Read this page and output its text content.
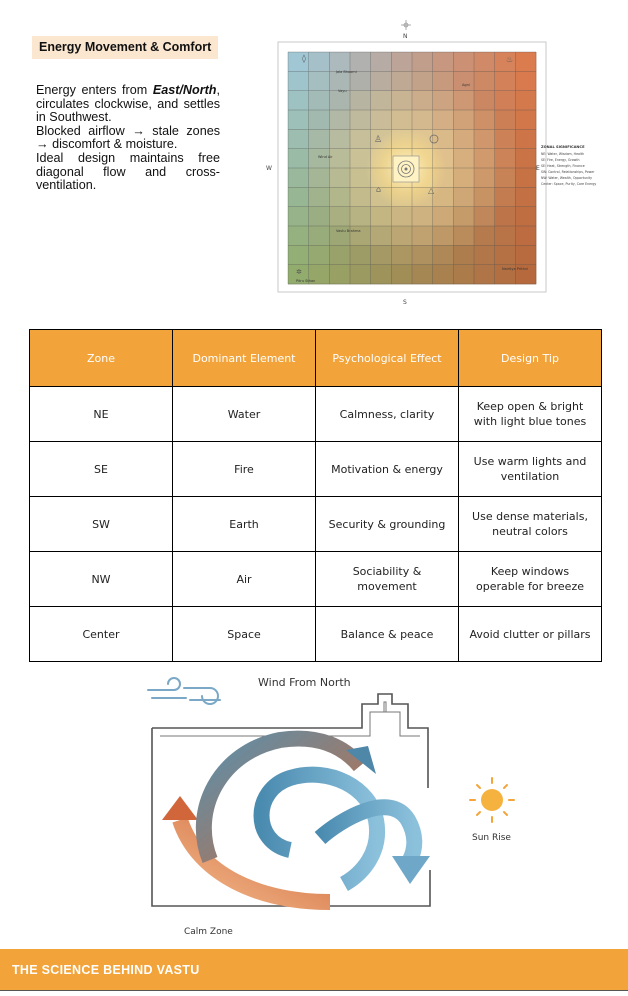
Energy Movement & Comfort

Energy enters from East/North, circulates clockwise, and settles in Southwest.

Blocked airflow → stale zones → discomfort & moisture.

Ideal design maintains free diagonal flow and cross-ventilation.

◊	♨
♙
⌂	△
✲
Jala Bhoomi
Vayu
Agni
Wind Air
Vastu Brahma
Nairitya Prithvi
Pitru Sthan
N
S
E
W
ZONAL SIGNIFICANCE
NE: Water, Wisdom, Health
SE: Fire, Energy, Growth
SE: Heat, Strength, Finance
SW: Control, Relationships, Power
NW: Water, Wealth, Opportunity
Center: Space, Purity, Core Energy
Zone	Dominant Element	Psychological Effect	Design Tip
NE	Water	Calmness, clarity	Keep open & bright with light blue tones
SE	Fire	Motivation & energy	Use warm lights and ventilation
SW	Earth	Security & grounding	Use dense materials, neutral colors
NW	Air	Sociability & movement	Keep windows operable for breeze
Center	Space	Balance & peace	Avoid clutter or pillars
Wind From North
Sun Rise
Calm Zone
THE SCIENCE BEHIND VASTU
